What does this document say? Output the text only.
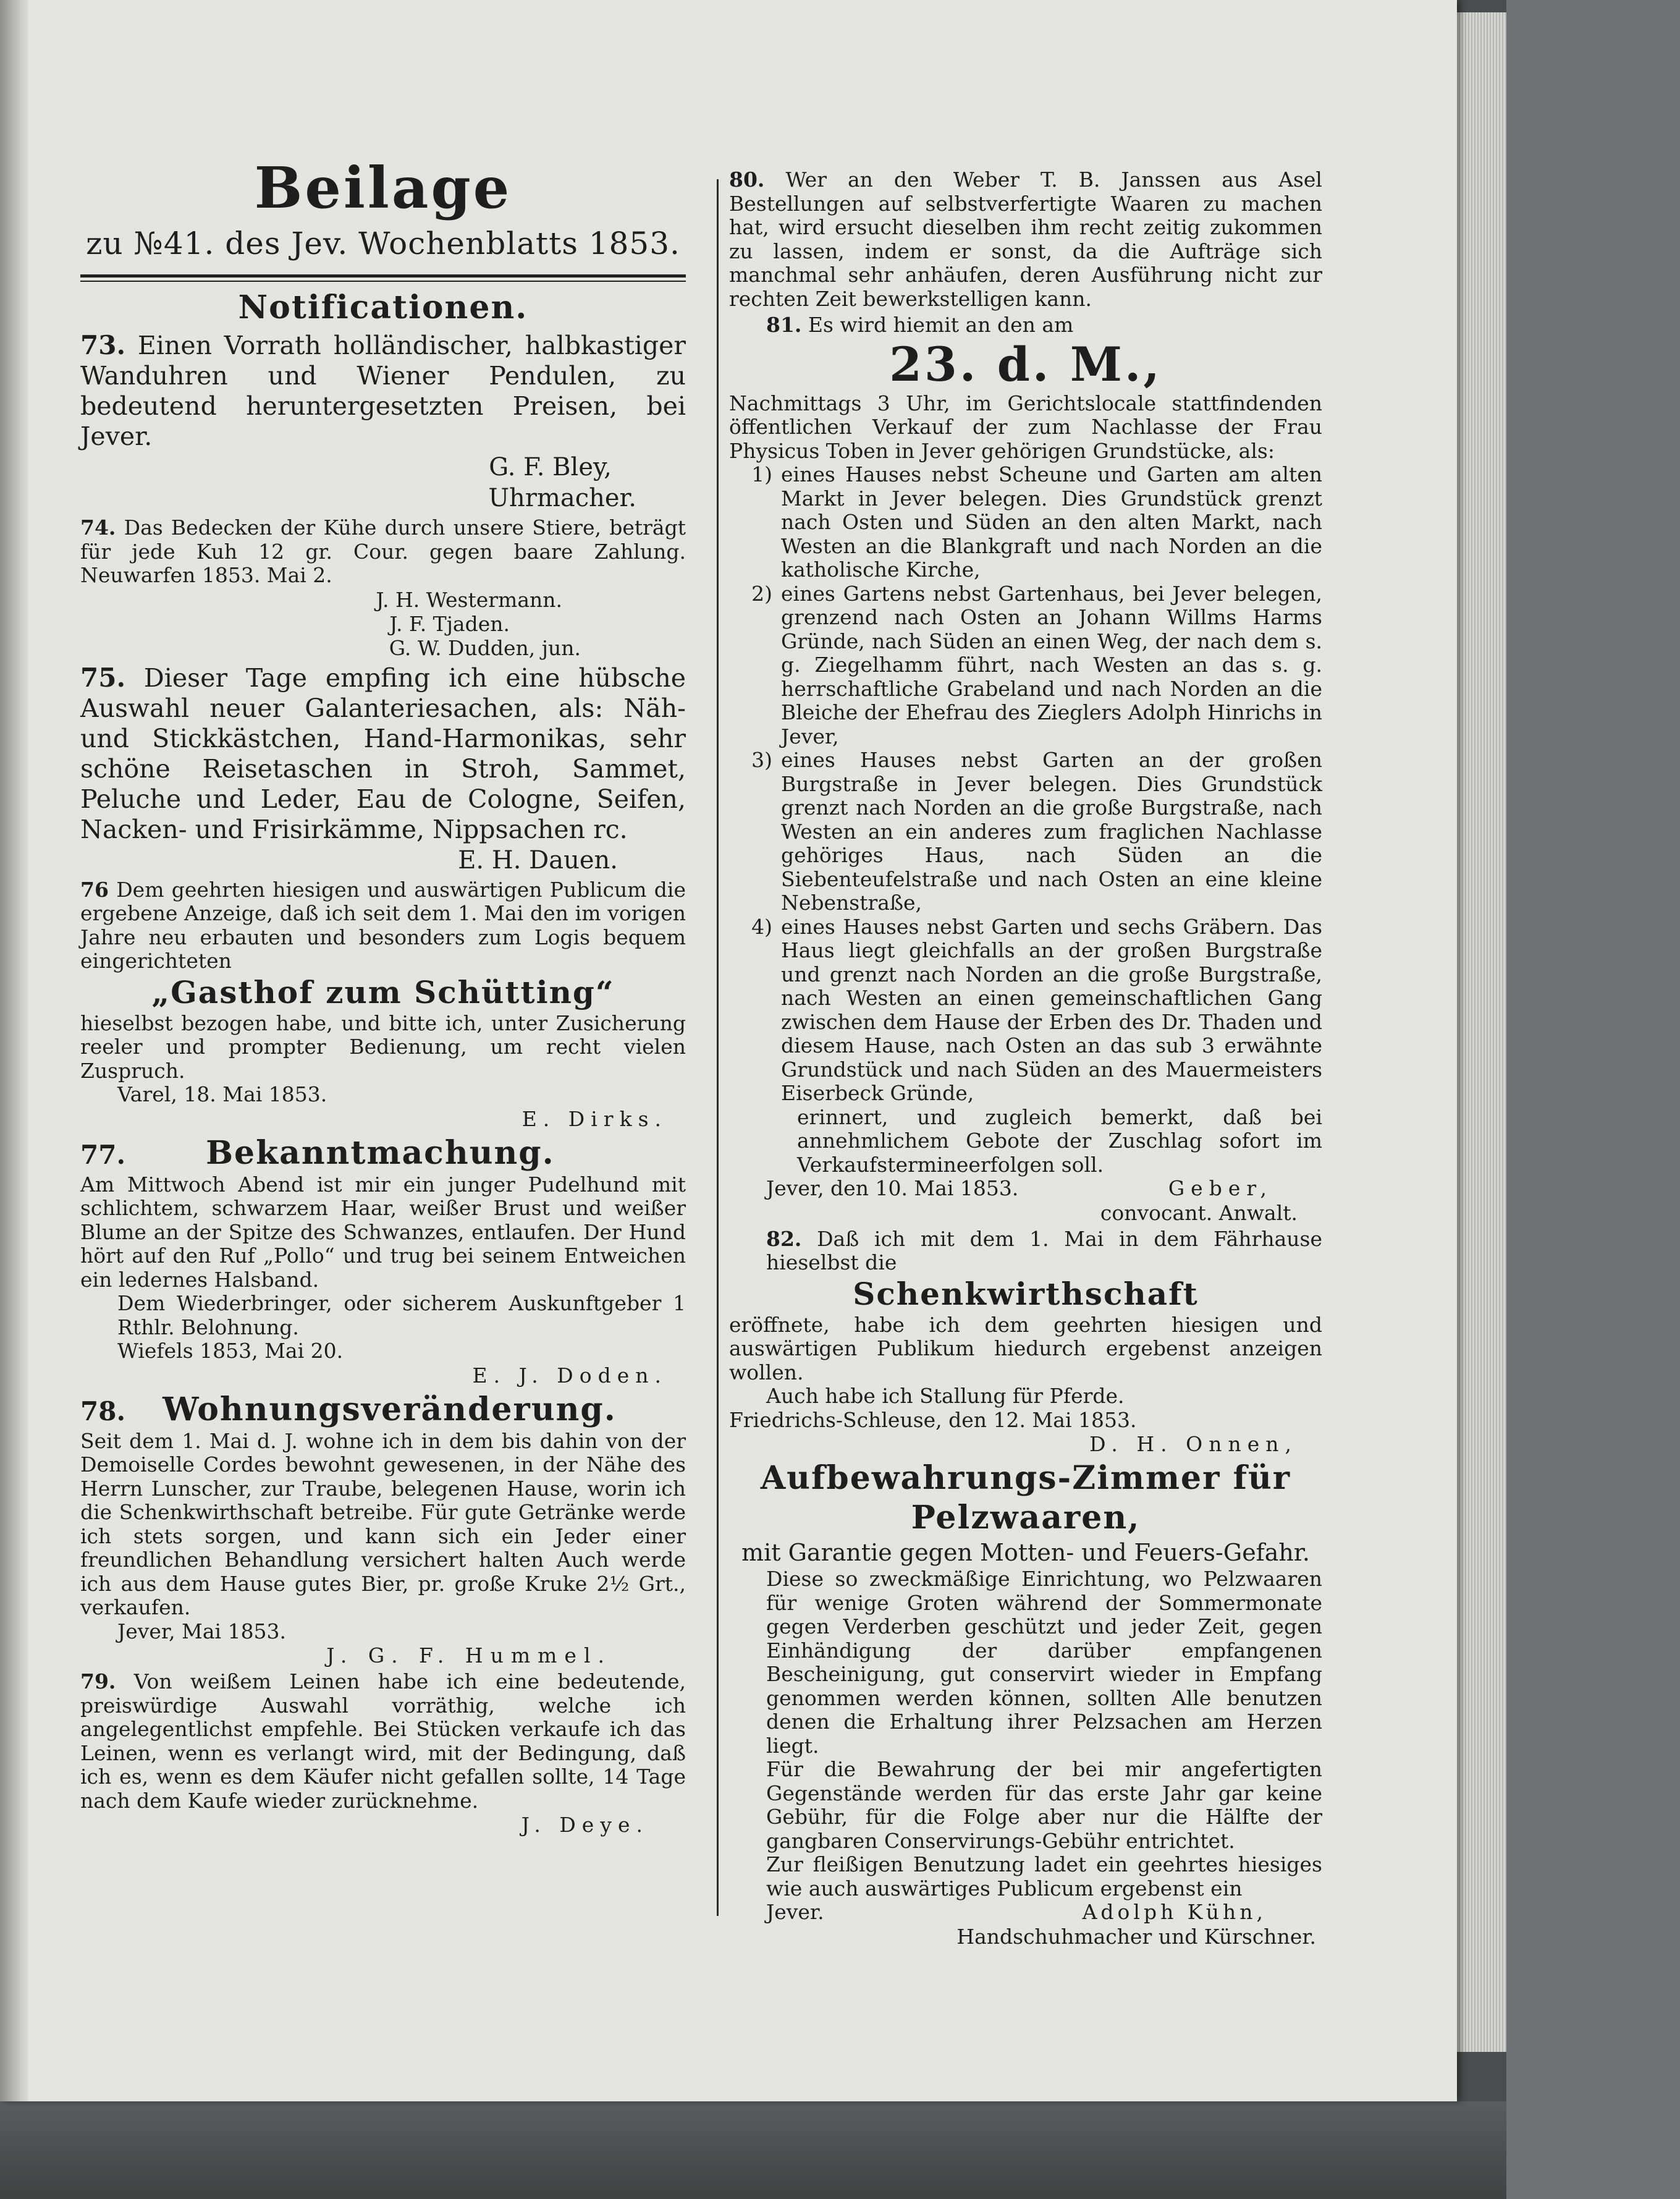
Beilage
zu №41. des Jev. Wochenblatts 1853.
Notificationen.
73. Einen Vorrath holländischer, halbkastiger Wanduhren und Wiener Pendulen, zu bedeutend heruntergesetzten Preisen, bei Jever.
G. F. Bley,
Uhrmacher.
74. Das Bedecken der Kühe durch unsere Stiere, beträgt für jede Kuh 12 gr. Cour. gegen baare Zahlung. Neuwarfen 1853. Mai 2.
J. H. Westermann.
J. F. Tjaden.
G. W. Dudden, jun.
75. Dieser Tage empfing ich eine hübsche Auswahl neuer Galanteriesachen, als: Näh- und Stickkästchen, Hand-Harmonikas, sehr schöne Reisetaschen in Stroh, Sammet, Peluche und Leder, Eau de Cologne, Seifen, Nacken- und Frisirkämme, Nippsachen rc.
E. H. Dauen.
76 Dem geehrten hiesigen und auswärtigen Publicum die ergebene Anzeige, daß ich seit dem 1. Mai den im vorigen Jahre neu erbauten und besonders zum Logis bequem eingerichteten
„Gasthof zum Schütting“
hieselbst bezogen habe, und bitte ich, unter Zusicherung reeler und prompter Bedienung, um recht vielen Zuspruch.
Varel, 18. Mai 1853.
E. Dirks.
77.	Bekanntmachung.
Am Mittwoch Abend ist mir ein junger Pudelhund mit schlichtem, schwarzem Haar, weißer Brust und weißer Blume an der Spitze des Schwanzes, entlaufen. Der Hund hört auf den Ruf „Pollo“ und trug bei seinem Entweichen ein ledernes Halsband.
Dem Wiederbringer, oder sicherem Auskunftgeber 1 Rthlr. Belohnung.
Wiefels 1853, Mai 20.
E. J. Doden.
78.	Wohnungsveränderung.
Seit dem 1. Mai d. J. wohne ich in dem bis dahin von der Demoiselle Cordes bewohnt gewesenen, in der Nähe des Herrn Lunscher, zur Traube, belegenen Hause, worin ich die Schenkwirthschaft betreibe. Für gute Getränke werde ich stets sorgen, und kann sich ein Jeder einer freundlichen Behandlung versichert halten Auch werde ich aus dem Hause gutes Bier, pr. große Kruke 2½ Grt., verkaufen.
Jever, Mai 1853.
J. G. F. Hummel.
79. Von weißem Leinen habe ich eine bedeutende, preiswürdige Auswahl vorräthig, welche ich angelegentlichst empfehle. Bei Stücken verkaufe ich das Leinen, wenn es verlangt wird, mit der Bedingung, daß ich es, wenn es dem Käufer nicht gefallen sollte, 14 Tage nach dem Kaufe wieder zurücknehme.
J. Deye.
80. Wer an den Weber T. B. Janssen aus Asel Bestellungen auf selbstverfertigte Waaren zu machen hat, wird ersucht dieselben ihm recht zeitig zukommen zu lassen, indem er sonst, da die Aufträge sich manchmal sehr anhäufen, deren Ausführung nicht zur rechten Zeit bewerkstelligen kann.
81. Es wird hiemit an den am
23. d. M.,
Nachmittags 3 Uhr, im Gerichtslocale stattfindenden öffentlichen Verkauf der zum Nachlasse der Frau Physicus Toben in Jever gehörigen Grundstücke, als:
1) eines Hauses nebst Scheune und Garten am alten Markt in Jever belegen. Dies Grundstück grenzt nach Osten und Süden an den alten Markt, nach Westen an die Blankgraft und nach Norden an die katholische Kirche,
2) eines Gartens nebst Gartenhaus, bei Jever belegen, grenzend nach Osten an Johann Willms Harms Gründe, nach Süden an einen Weg, der nach dem s. g. Ziegelhamm führt, nach Westen an das s. g. herrschaftliche Grabeland und nach Norden an die Bleiche der Ehefrau des Zieglers Adolph Hinrichs in Jever,
3) eines Hauses nebst Garten an der großen Burgstraße in Jever belegen. Dies Grundstück grenzt nach Norden an die große Burgstraße, nach Westen an ein anderes zum fraglichen Nachlasse gehöriges Haus, nach Süden an die Siebenteufelstraße und nach Osten an eine kleine Nebenstraße,
4) eines Hauses nebst Garten und sechs Gräbern. Das Haus liegt gleichfalls an der großen Burgstraße und grenzt nach Norden an die große Burgstraße, nach Westen an einen gemeinschaftlichen Gang zwischen dem Hause der Erben des Dr. Thaden und diesem Hause, nach Osten an das sub 3 erwähnte Grundstück und nach Süden an des Mauermeisters Eiserbeck Gründe,
erinnert, und zugleich bemerkt, daß bei annehmlichem Gebote der Zuschlag sofort im Verkaufstermineerfolgen soll.
Jever, den 10. Mai 1853.	Geber,
convocant. Anwalt.
82. Daß ich mit dem 1. Mai in dem Fährhause hieselbst die
Schenkwirthschaft
eröffnete, habe ich dem geehrten hiesigen und auswärtigen Publikum hiedurch ergebenst anzeigen wollen.
Auch habe ich Stallung für Pferde.
Friedrichs-Schleuse, den 12. Mai 1853.
D. H. Onnen,
Aufbewahrungs-Zimmer für
Pelzwaaren,
mit Garantie gegen Motten- und Feuers-Gefahr.
Diese so zweckmäßige Einrichtung, wo Pelzwaaren für wenige Groten während der Sommermonate gegen Verderben geschützt und jeder Zeit, gegen Einhändigung der darüber empfangenen Bescheinigung, gut conservirt wieder in Empfang genommen werden können, sollten Alle benutzen denen die Erhaltung ihrer Pelzsachen am Herzen liegt.
Für die Bewahrung der bei mir angefertigten Gegenstände werden für das erste Jahr gar keine Gebühr, für die Folge aber nur die Hälfte der gangbaren Conservirungs-Gebühr entrichtet.
Zur fleißigen Benutzung ladet ein geehrtes hiesiges wie auch auswärtiges Publicum ergebenst ein
Jever.	Adolph Kühn,
Handschuhmacher und Kürschner.
